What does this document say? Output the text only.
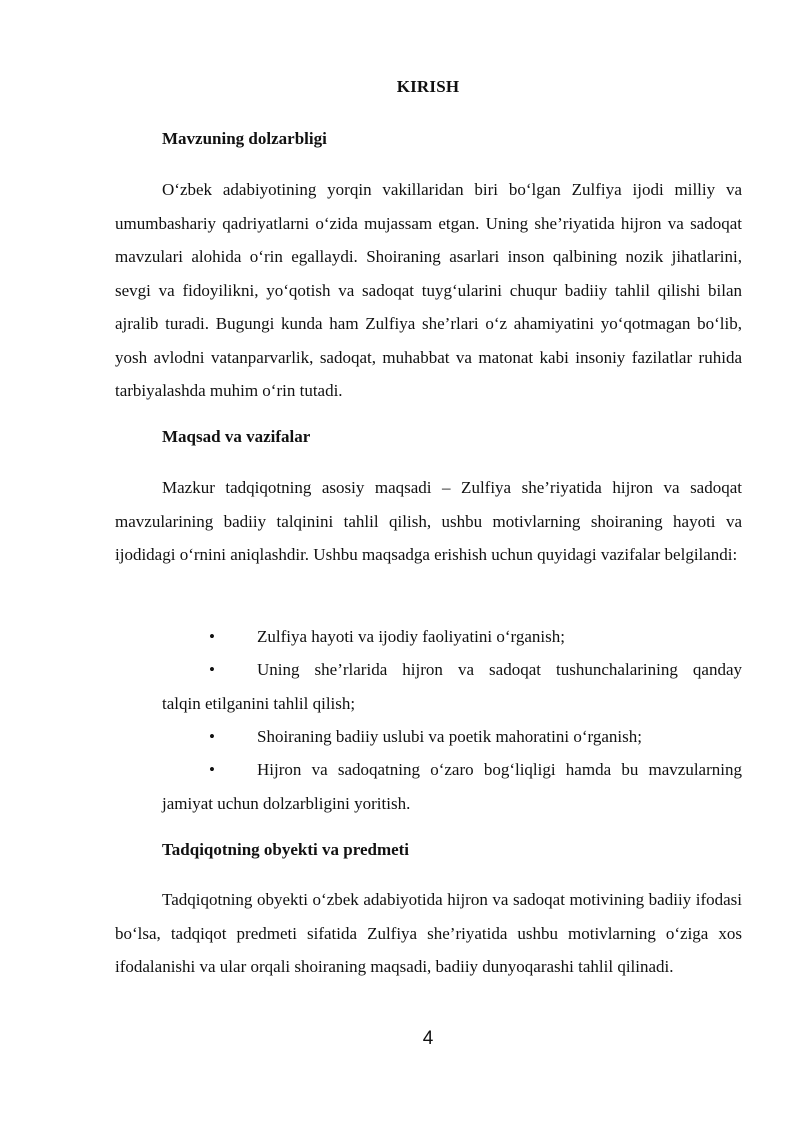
KIRISH
Mavzuning dolzarbligi

O‘zbek adabiyotining yorqin vakillaridan biri bo‘lgan Zulfiya ijodi milliy va umumbashariy qadriyatlarni o‘zida mujassam etgan. Uning she’riyatida hijron va sadoqat mavzulari alohida o‘rin egallaydi. Shoiraning asarlari inson qalbining nozik jihatlarini, sevgi va fidoyilikni, yo‘qotish va sadoqat tuyg‘ularini chuqur badiiy tahlil qilishi bilan ajralib turadi. Bugungi kunda ham Zulfiya she’rlari o‘z ahamiyatini yo‘qotmagan bo‘lib, yosh avlodni vatanparvarlik, sadoqat, muhabbat va matonat kabi insoniy fazilatlar ruhida tarbiyalashda muhim o‘rin tutadi.

Maqsad va vazifalar

Mazkur tadqiqotning asosiy maqsadi – Zulfiya she’riyatida hijron va sadoqat mavzularining badiiy talqinini tahlil qilish, ushbu motivlarning shoiraning hayoti va ijodidagi o‘rnini aniqlashdir. Ushbu maqsadga erishish uchun quyidagi vazifalar belgilandi:

• Zulfiya hayoti va ijodiy faoliyatini o‘rganish;
• Uning she’rlarida hijron va sadoqat tushunchalarining qanday
talqin etilganini tahlil qilish;
• Shoiraning badiiy uslubi va poetik mahoratini o‘rganish;
• Hijron va sadoqatning o‘zaro bog‘liqligi hamda bu mavzularning
jamiyat uchun dolzarbligini yoritish.
Tadqiqotning obyekti va predmeti

Tadqiqotning obyekti o‘zbek adabiyotida hijron va sadoqat motivining badiiy ifodasi bo‘lsa, tadqiqot predmeti sifatida Zulfiya she’riyatida ushbu motivlarning o‘ziga xos ifodalanishi va ular orqali shoiraning maqsadi, badiiy dunyoqarashi tahlil qilinadi.

4
